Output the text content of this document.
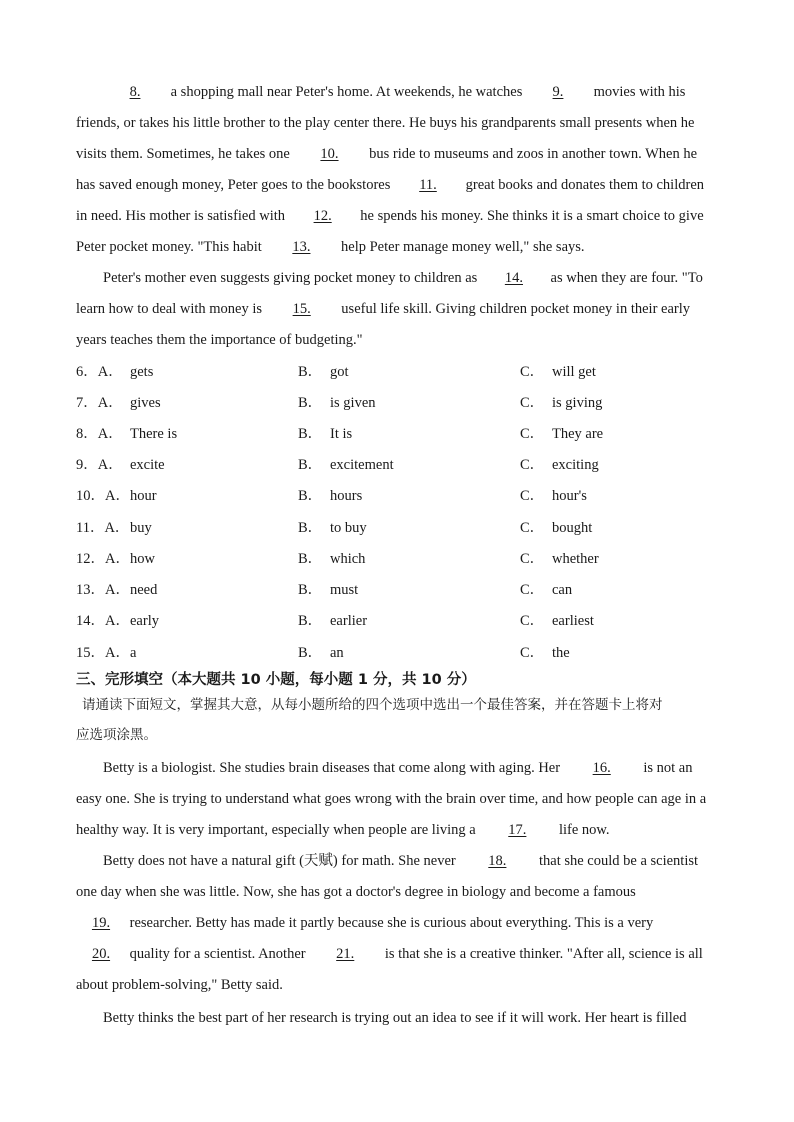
8. a shopping mall near Peter's home. At weekends, he watches 9. movies with his
friends, or takes his little brother to the play center there. He buys his grandparents small presents when he
visits them. Sometimes, he takes one 10. bus ride to museums and zoos in another town. When he
has saved enough money, Peter goes to the bookstores 11. great books and donates them to children
in need. His mother is satisfied with 12. he spends his money. She thinks it is a smart choice to give
Peter pocket money. "This habit 13. help Peter manage money well," she says.
Peter's mother even suggests giving pocket money to children as 14. as when they are four. "To
learn how to deal with money is 15. useful life skill. Giving children pocket money in their early
years teaches them the importance of budgeting."
6．A． gets	B． got	C． will get
7．A． gives	B． is given	C． is giving
8．A． There is	B． It is	C． They are
9．A． excite	B． excitement	C． exciting
10．A． hour	B． hours	C． hour's
11．A． buy	B． to buy	C． bought
12．A． how	B． which	C． whether
13．A． need	B． must	C． can
14．A． early	B． earlier	C． earliest
15．A． a	B． an	C． the
三、完形填空（本大题共 10 小题，每小题 1 分，共 10 分）
请通读下面短文，掌握其大意，从每小题所给的四个选项中选出一个最佳答案，并在答题卡上将对
应选项涂黑。
Betty is a biologist. She studies brain diseases that come along with aging. Her 16. is not an
easy one. She is trying to understand what goes wrong with the brain over time, and how people can age in a
healthy way. It is very important, especially when people are living a 17. life now.
Betty does not have a natural gift (天赋) for math. She never 18. that she could be a scientist
one day when she was little. Now, she has got a doctor's degree in biology and become a famous
19. researcher. Betty has made it partly because she is curious about everything. This is a very
20. quality for a scientist. Another 21. is that she is a creative thinker. "After all, science is all
about problem-solving," Betty said.
Betty thinks the best part of her research is trying out an idea to see if it will work. Her heart is filled
